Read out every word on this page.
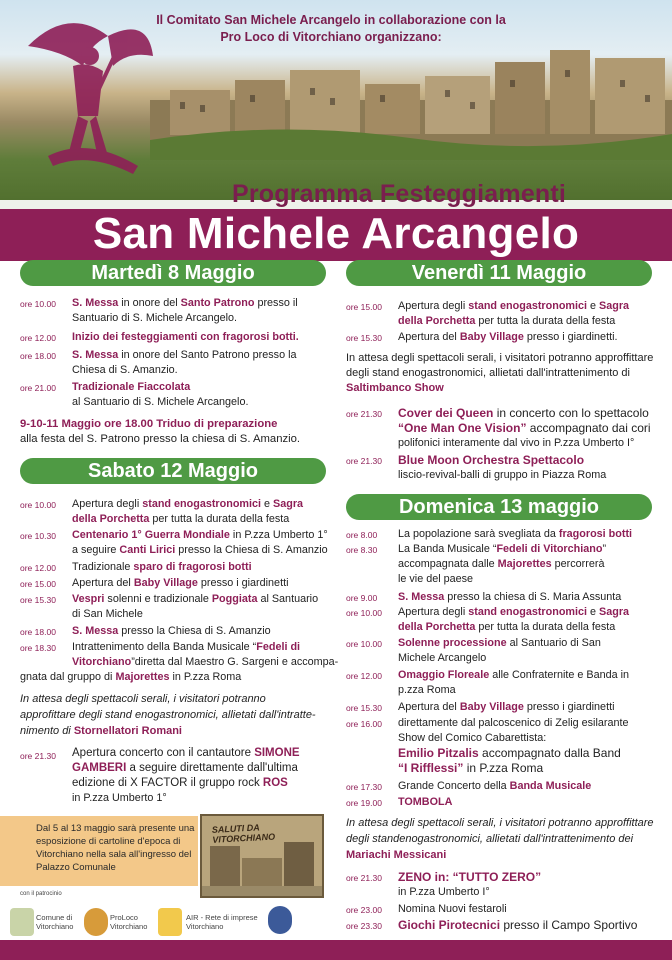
Il Comitato San Michele Arcangelo in collaborazione con la
Pro Loco di Vitorchiano organizzano:
Programma Festeggiamenti
San Michele Arcangelo
Martedì 8 Maggio
9-10-11 Maggio ore 18.00 Triduo di preparazione
alla festa del S. Patrono presso la chiesa di S. Amanzio.
Sabato 12 Maggio
Venerdì 11 Maggio
Domenica 13 maggio
Dal 5 al 13 maggio sarà presente una esposizione di cartoline d'epoca di Vitorchiano nella sala all'ingresso del Palazzo Comunale
SALUTI DA VITORCHIANO
con il patrocinio
Comune di
Vitorchiano
ProLoco
Vitorchiano
AIR - Rete di imprese
Vitorchiano
ore 10.00 S. Messa in onore del Santo Patrono presso il
Santuario di S. Michele Arcangelo.
ore 12.00 Inizio dei festeggiamenti con fragorosi botti.
ore 18.00 S. Messa in onore del Santo Patrono presso la
Chiesa di S. Amanzio.
ore 21.00 Tradizionale Fiaccolata
al Santuario di S. Michele Arcangelo.
ore 10.00 Apertura degli stand enogastronomici e Sagra
della Porchetta per tutta la durata della festa
ore 10.30 Centenario 1° Guerra Mondiale in P.zza Umberto 1°
a seguire Canti Lirici presso la Chiesa di S. Amanzio
ore 12.00 Tradizionale sparo di fragorosi botti
ore 15.00 Apertura del Baby Village presso i giardinetti
ore 15.30 Vespri solenni e tradizionale Poggiata al Santuario
di San Michele
ore 18.00 S. Messa presso la Chiesa di S. Amanzio
ore 18.30 Intrattenimento della Banda Musicale “Fedeli di
Vitorchiano”diretta dal Maestro G. Sargeni e accompa-
gnata dal gruppo di Majorettes in P.zza Roma
In attesa degli spettacoli serali, i visitatori potranno
approfittare degli stand enogastronomici, allietati dall'intratte-
nimento di Stornellatori Romani
ore 21.30 Apertura concerto con il cantautore SIMONE
GAMBERI a seguire direttamente dall'ultima
edizione di X FACTOR il gruppo rock ROS
in P.zza Umberto 1°
ore 15.00 Apertura degli stand enogastronomici e Sagra
della Porchetta per tutta la durata della festa
ore 15.30 Apertura del Baby Village presso i giardinetti.
In attesa degli spettacoli serali, i visitatori potranno approffittare
degli stand enogastronomici, allietati dall'intrattenimento di
Saltimbanco Show
ore 21.30 Cover dei Queen in concerto con lo spettacolo
“One Man One Vision” accompagnato dai cori
polifonici interamente dal vivo in P.zza Umberto I°
ore 21.30 Blue Moon Orchestra Spettacolo
liscio-revival-balli di gruppo in Piazza Roma
ore 8.00 La popolazione sarà svegliata da fragorosi botti
ore 8.30 La Banda Musicale “Fedeli di Vitorchiano”
accompagnata dalle Majorettes percorrerà
le vie del paese
ore 9.00 S. Messa presso la chiesa di S. Maria Assunta
ore 10.00 Apertura degli stand enogastronomici e Sagra
della Porchetta per tutta la durata della festa
ore 10.00 Solenne processione al Santuario di San
Michele Arcangelo
ore 12.00 Omaggio Floreale alle Confraternite e Banda in
p.zza Roma
ore 15.30 Apertura del Baby Village presso i giardinetti
ore 16.00 direttamente dal palcoscenico di Zelig esilarante
Show del Comico Cabarettista:
Emilio Pitzalis accompagnato dalla Band
“I Rifflessi” in P.zza Roma
ore 17.30 Grande Concerto della Banda Musicale
ore 19.00 TOMBOLA
In attesa degli spettacoli serali, i visitatori potranno approffittare
degli standenogastronomici, allietati dall'intrattenimento dei
Mariachi Messicani
ore 21.30 ZENO in: “TUTTO ZERO”
in P.zza Umberto I°
ore 23.00 Nomina Nuovi festaroli
ore 23.30 Giochi Pirotecnici presso il Campo Sportivo
